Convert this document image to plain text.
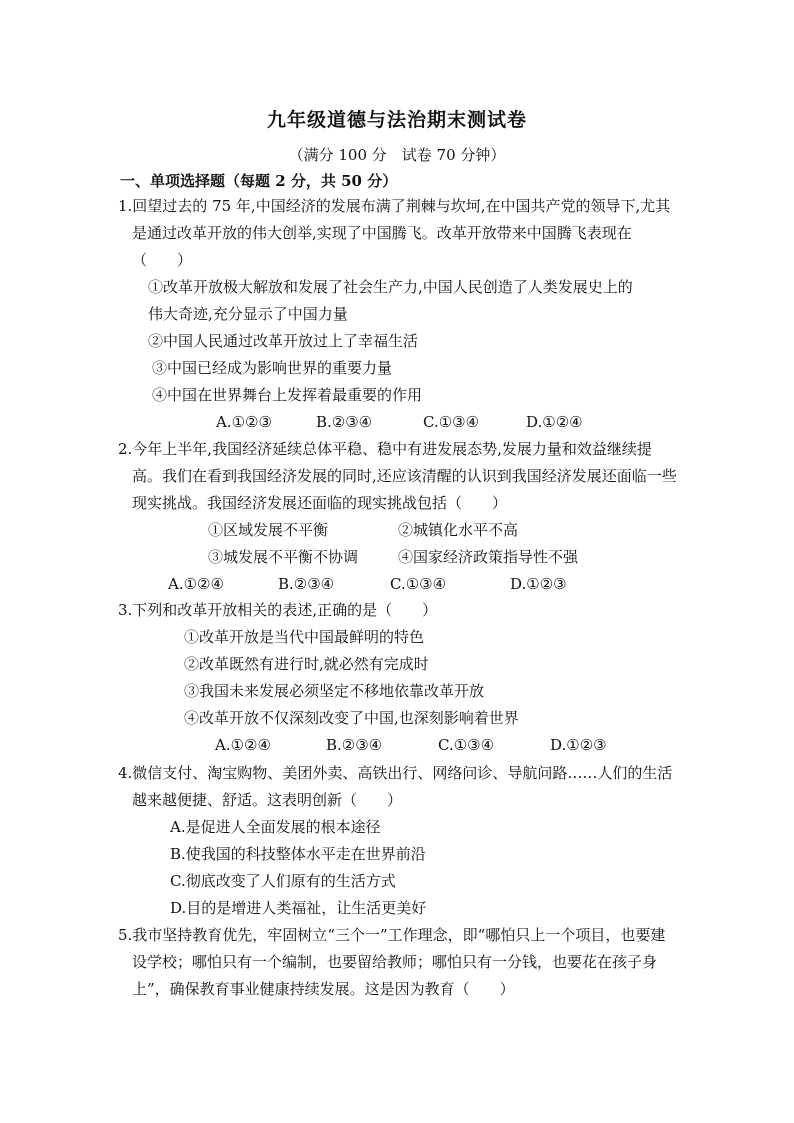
九年级道德与法治期末测试卷
（满分 100 分　试卷 70 分钟）
一、单项选择题（每题 2 分，共 50 分）
1.回望过去的 75 年,中国经济的发展布满了荆棘与坎坷,在中国共产党的领导下,尤其是通过改革开放的伟大创举,实现了中国腾飞。改革开放带来中国腾飞表现在（　　）
①改革开放极大解放和发展了社会生产力,中国人民创造了人类发展史上的
伟大奇迹,充分显示了中国力量
②中国人民通过改革开放过上了幸福生活
③中国已经成为影响世界的重要力量
④中国在世界舞台上发挥着最重要的作用
A.①②③	B.②③④	C.①③④	D.①②④
2.今年上半年,我国经济延续总体平稳、稳中有进发展态势,发展力量和效益继续提高。我们在看到我国经济发展的同时,还应该清醒的认识到我国经济发展还面临一些现实挑战。我国经济发展还面临的现实挑战包括（　　）
①区域发展不平衡	②城镇化水平不高
③城发展不平衡不协调	④国家经济政策指导性不强
A.①②④	B.②③④	C.①③④	D.①②③
3.下列和改革开放相关的表述,正确的是（　　）
①改革开放是当代中国最鲜明的特色
②改革既然有进行时,就必然有完成时
③我国未来发展必须坚定不移地依靠改革开放
④改革开放不仅深刻改变了中国,也深刻影响着世界
A.①②④	B.②③④	C.①③④	D.①②③
4.微信支付、淘宝购物、美团外卖、高铁出行、网络问诊、导航问路……人们的生活越来越便捷、舒适。这表明创新（　　）
A.是促进人全面发展的根本途径
B.使我国的科技整体水平走在世界前沿
C.彻底改变了人们原有的生活方式
D.目的是增进人类福祉，让生活更美好
5.我市坚持教育优先，牢固树立“三个一”工作理念，即“哪怕只上一个项目，也要建设学校；哪怕只有一个编制，也要留给教师；哪怕只有一分钱，也要花在孩子身上”，确保教育事业健康持续发展。这是因为教育（　　）
